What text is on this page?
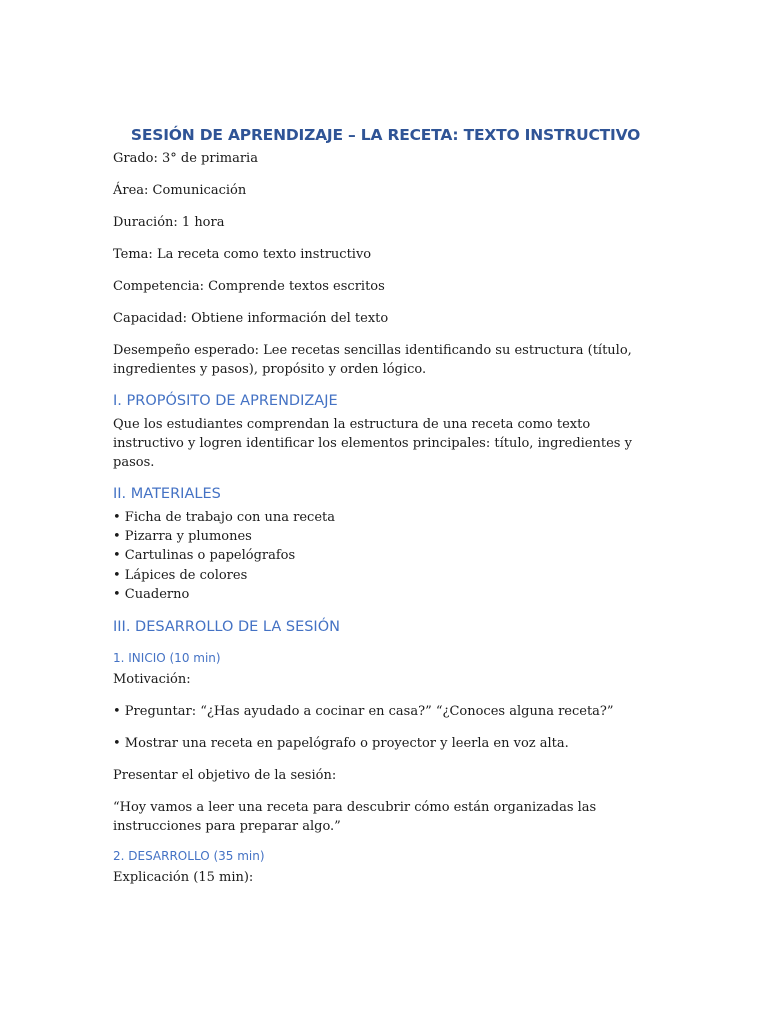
SESIÓN DE APRENDIZAJE – LA RECETA: TEXTO INSTRUCTIVO
Grado: 3° de primaria
Área: Comunicación
Duración: 1 hora
Tema: La receta como texto instructivo
Competencia: Comprende textos escritos
Capacidad: Obtiene información del texto
Desempeño esperado: Lee recetas sencillas identificando su estructura (título, ingredientes y pasos), propósito y orden lógico.
I. PROPÓSITO DE APRENDIZAJE
Que los estudiantes comprendan la estructura de una receta como texto instructivo y logren identificar los elementos principales: título, ingredientes y pasos.
II. MATERIALES
• Ficha de trabajo con una receta
• Pizarra y plumones
• Cartulinas o papelógrafos
• Lápices de colores
• Cuaderno
III. DESARROLLO DE LA SESIÓN
1. INICIO (10 min)
Motivación:
• Preguntar: “¿Has ayudado a cocinar en casa?” “¿Conoces alguna receta?”
• Mostrar una receta en papelógrafo o proyector y leerla en voz alta.
Presentar el objetivo de la sesión:
“Hoy vamos a leer una receta para descubrir cómo están organizadas las instrucciones para preparar algo.”
2. DESARROLLO (35 min)
Explicación (15 min):
